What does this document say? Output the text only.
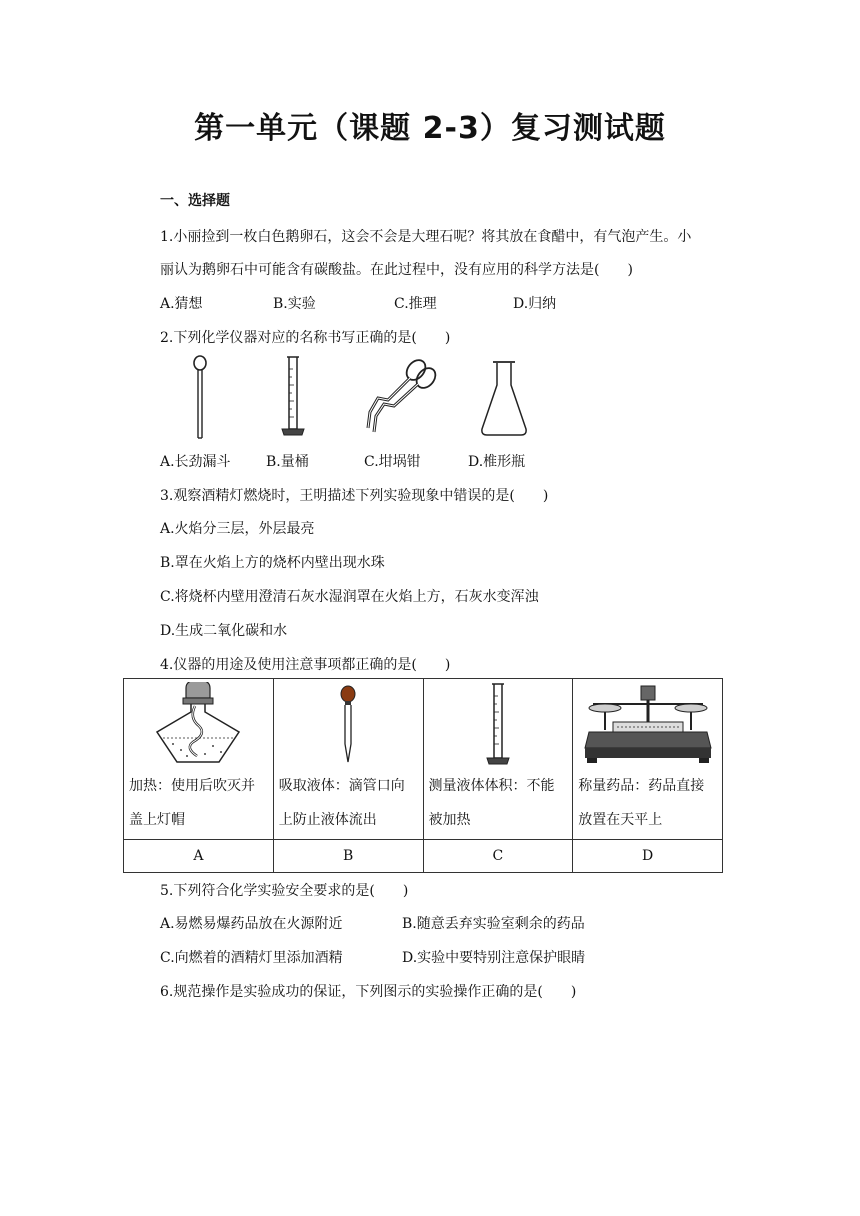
第一单元（课题 2-3）复习测试题
一、选择题
1.小丽捡到一枚白色鹅卵石，这会不会是大理石呢？将其放在食醋中，有气泡产生。小
丽认为鹅卵石中可能含有碳酸盐。在此过程中，没有应用的科学方法是(　　)
A.猜想	B.实验	C.推理	D.归纳
2.下列化学仪器对应的名称书写正确的是(　　)
A.长劲漏斗	B.量桶	C.坩埚钳	D.椎形瓶
3.观察酒精灯燃烧时，王明描述下列实验现象中错误的是(　　)
A.火焰分三层，外层最亮
B.罩在火焰上方的烧杯内壁出现水珠
C.将烧杯内壁用澄清石灰水湿润罩在火焰上方，石灰水变浑浊
D.生成二氧化碳和水
4.仪器的用途及使用注意事项都正确的是(　　)
加热：使用后吹灭并盖上灯帽	吸取液体：滴管口向上防止液体流出	测量液体体积：不能被加热	称量药品：药品直接放置在天平上

A	B	C	D
5.下列符合化学实验安全要求的是(　　)
A.易燃易爆药品放在火源附近	B.随意丢弃实验室剩余的药品
C.向燃着的酒精灯里添加酒精	D.实验中要特别注意保护眼睛
6.规范操作是实验成功的保证，下列图示的实验操作正确的是(　　)
